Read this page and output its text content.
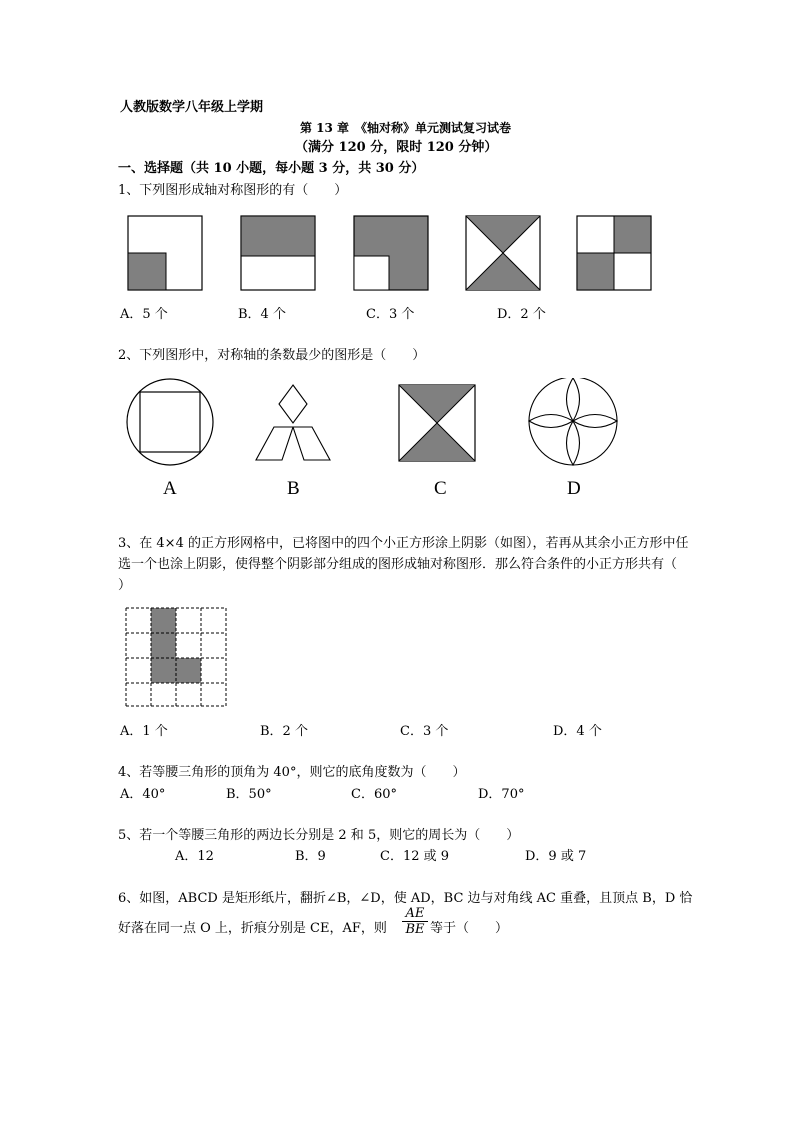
人教版数学八年级上学期
第 13 章　《轴对称》单元测试复习试卷
（满分 120 分，限时 120 分钟）
一、选择题（共 10 小题，每小题 3 分，共 30 分）
1、下列图形成轴对称图形的有（　　）
A．5 个	B．4 个	C．3 个	D．2 个
2、下列图形中，对称轴的条数最少的图形是（　　）
A	B	C	D
3、在 4×4 的正方形网格中，已将图中的四个小正方形涂上阴影（如图），若再从其余小正方形中任
选一个也涂上阴影，使得整个阴影部分组成的图形成轴对称图形．那么符合条件的小正方形共有（
）
A．1 个	B．2 个	C．3 个	D．4 个
4、若等腰三角形的顶角为 40°，则它的底角度数为（　　）
A．40°	B．50°	C．60°	D．70°
5、若一个等腰三角形的两边长分别是 2 和 5，则它的周长为（　　）
A．12	B．9	C．12 或 9	D．9 或 7
6、如图，ABCD 是矩形纸片，翻折∠B，∠D，使 AD，BC 边与对角线 AC 重叠，且顶点 B，D 恰
好落在同一点 O 上，折痕分别是 CE，AF，则 $\frac{AE}{BE}$ 等于（　　）
